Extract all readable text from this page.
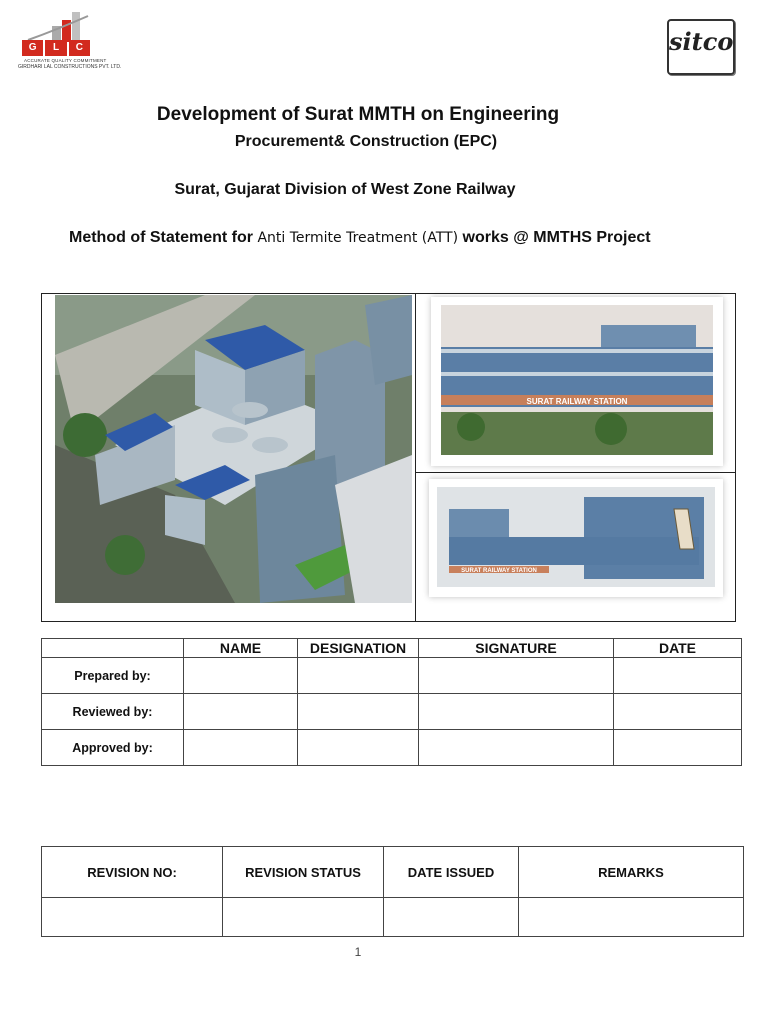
G	L	C
ACCURATE QUALITY COMMITMENT
GIRDHARI LAL CONSTRUCTIONS PVT. LTD.
sitco
Development of Surat MMTH on Engineering
Procurement& Construction (EPC)
Surat, Gujarat Division of West Zone Railway
Method of Statement for Anti Termite Treatment (ATT) works @ MMTHS Project
SURAT RAILWAY STATION
SURAT RAILWAY STATION
	NAME	DESIGNATION	SIGNATURE	DATE
Prepared by:				
Reviewed by:				
Approved by:				
REVISION NO:	REVISION STATUS	DATE ISSUED	REMARKS

1
